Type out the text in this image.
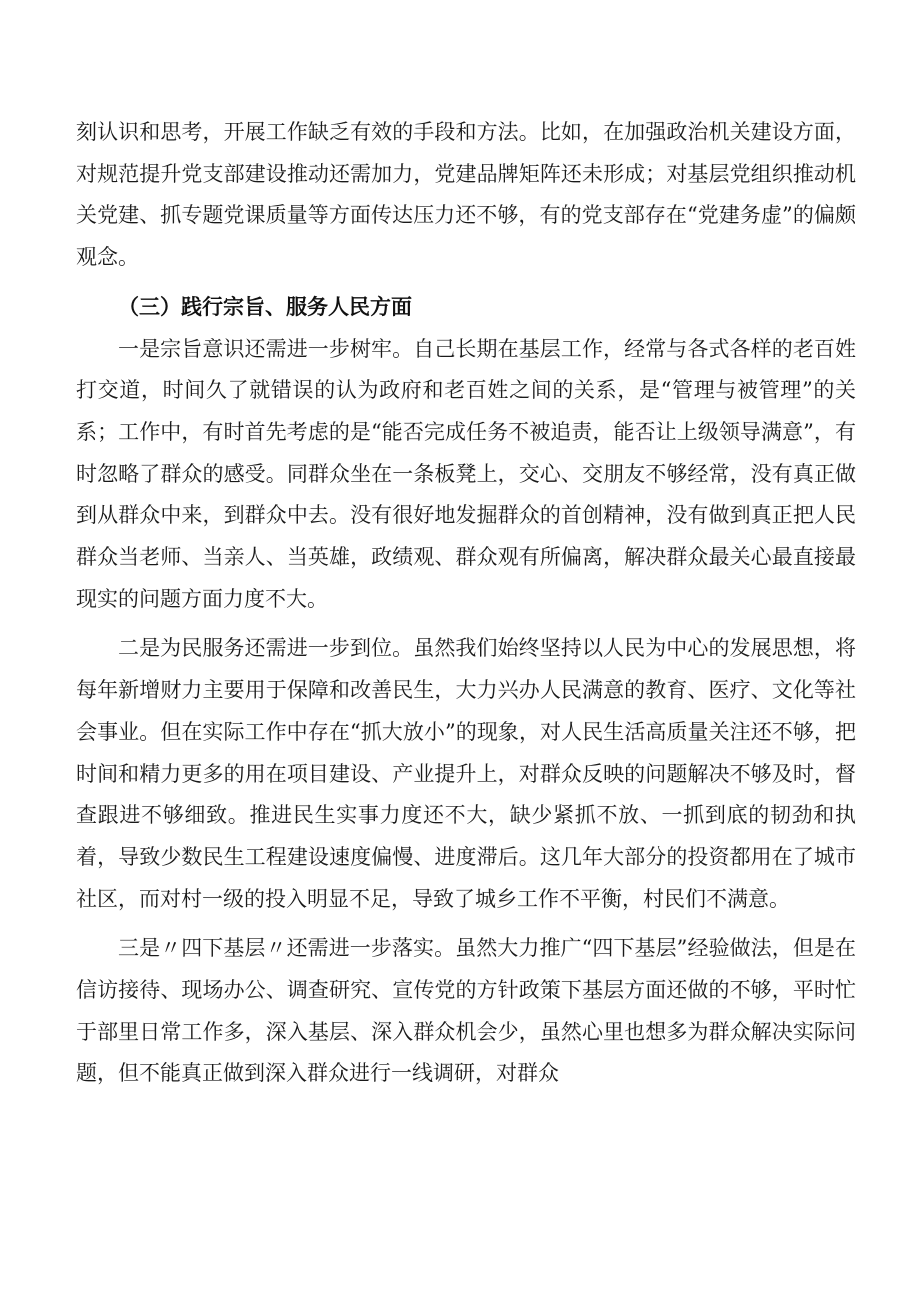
刻认识和思考，开展工作缺乏有效的手段和方法。比如，在加强政治机关建设方面，对规范提升党支部建设推动还需加力，党建品牌矩阵还未形成；对基层党组织推动机关党建、抓专题党课质量等方面传达压力还不够，有的党支部存在“党建务虚”的偏颇观念。

（三）践行宗旨、服务人民方面

一是宗旨意识还需进一步树牢。自己长期在基层工作，经常与各式各样的老百姓打交道，时间久了就错误的认为政府和老百姓之间的关系，是“管理与被管理”的关系；工作中，有时首先考虑的是“能否完成任务不被追责，能否让上级领导满意”，有时忽略了群众的感受。同群众坐在一条板凳上，交心、交朋友不够经常，没有真正做到从群众中来，到群众中去。没有很好地发掘群众的首创精神，没有做到真正把人民群众当老师、当亲人、当英雄，政绩观、群众观有所偏离，解决群众最关心最直接最现实的问题方面力度不大。

二是为民服务还需进一步到位。虽然我们始终坚持以人民为中心的发展思想，将每年新增财力主要用于保障和改善民生，大力兴办人民满意的教育、医疗、文化等社会事业。但在实际工作中存在“抓大放小”的现象，对人民生活高质量关注还不够，把时间和精力更多的用在项目建设、产业提升上，对群众反映的问题解决不够及时，督查跟进不够细致。推进民生实事力度还不大，缺少紧抓不放、一抓到底的韧劲和执着，导致少数民生工程建设速度偏慢、进度滞后。这几年大部分的投资都用在了城市社区，而对村一级的投入明显不足，导致了城乡工作不平衡，村民们不满意。

三是〃四下基层〃还需进一步落实。虽然大力推广“四下基层”经验做法，但是在信访接待、现场办公、调查研究、宣传党的方针政策下基层方面还做的不够，平时忙于部里日常工作多，深入基层、深入群众机会少，虽然心里也想多为群众解决实际问题，但不能真正做到深入群众进行一线调研，对群众
